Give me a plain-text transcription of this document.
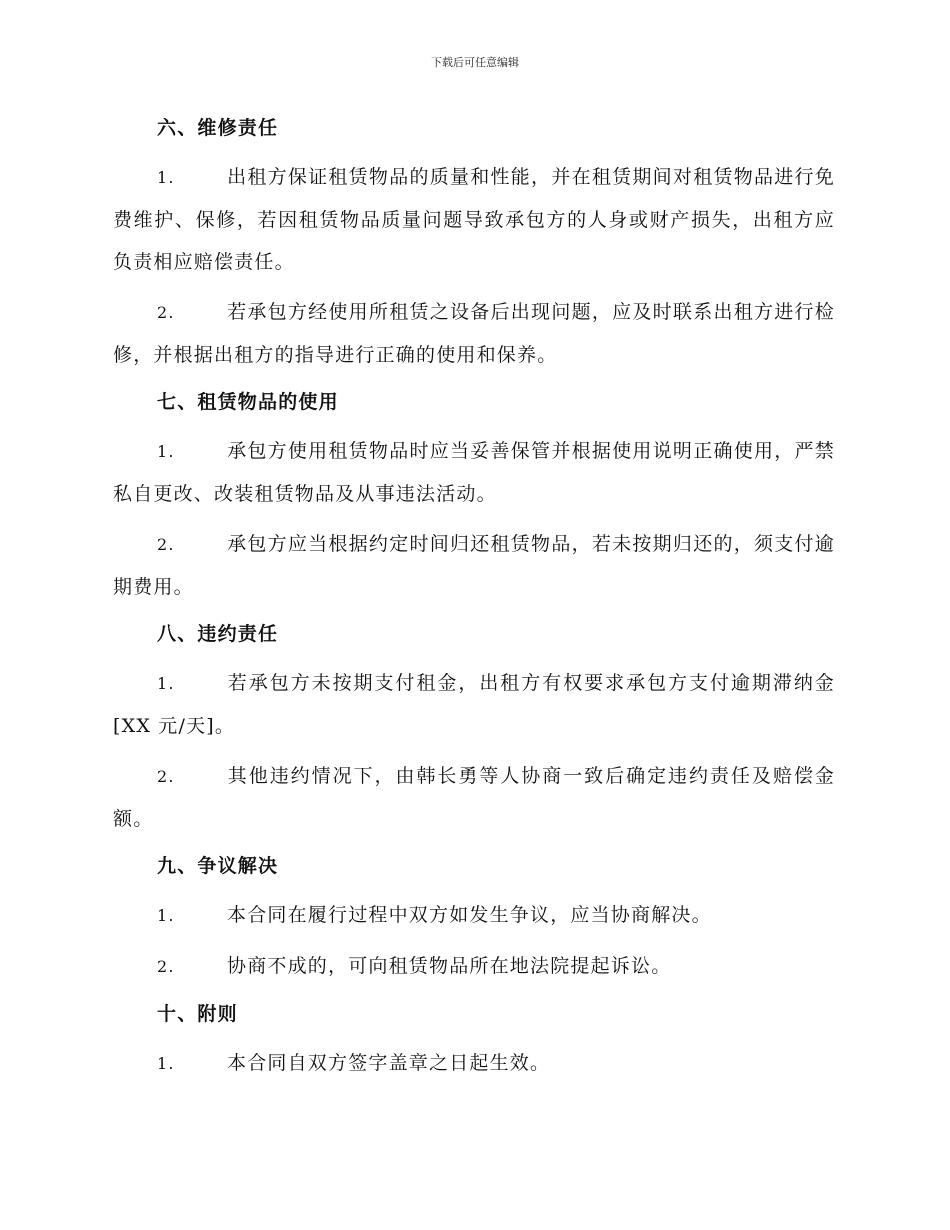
下载后可任意编辑
六、维修责任

1.	出租方保证租赁物品的质量和性能，并在租赁期间对租赁物品进行免费维护、保修，若因租赁物品质量问题导致承包方的人身或财产损失，出租方应负责相应赔偿责任。

2.	若承包方经使用所租赁之设备后出现问题，应及时联系出租方进行检修，并根据出租方的指导进行正确的使用和保养。

七、租赁物品的使用

1.	承包方使用租赁物品时应当妥善保管并根据使用说明正确使用，严禁私自更改、改装租赁物品及从事违法活动。

2.	承包方应当根据约定时间归还租赁物品，若未按期归还的，须支付逾期费用。

八、违约责任

1.	若承包方未按期支付租金，出租方有权要求承包方支付逾期滞纳金[XX 元/天]。

2.	其他违约情况下，由韩长勇等人协商一致后确定违约责任及赔偿金额。

九、争议解决

1.	本合同在履行过程中双方如发生争议，应当协商解决。

2.	协商不成的，可向租赁物品所在地法院提起诉讼。

十、附则

1.	本合同自双方签字盖章之日起生效。
